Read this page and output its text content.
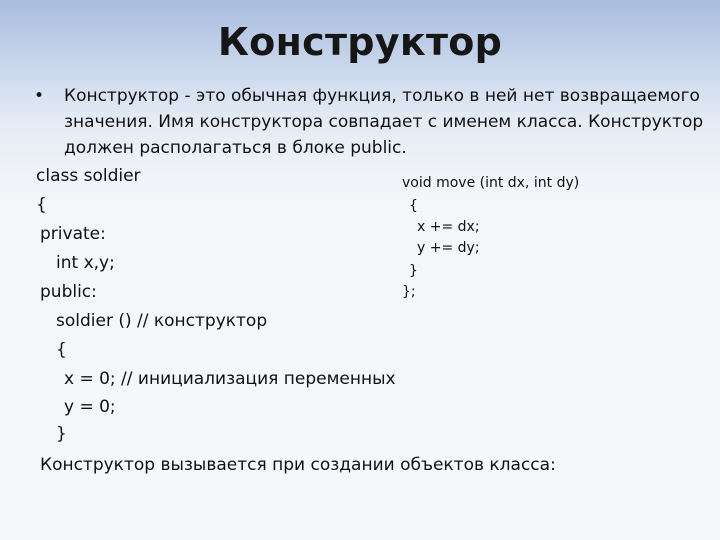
Конструктор
• Конструктор - это обычная функция, только в ней нет возвращаемого
значения. Имя конструктора совпадает с именем класса. Конструктор
должен располагаться в блоке public.
class soldier
{
private:
int x,y;
public:
soldier () // конструктор
{
x = 0; // инициализация переменных
y = 0;
}
void move (int dx, int dy)
{
x += dx;
y += dy;
}
};
Конструктор вызывается при создании объектов класса:
